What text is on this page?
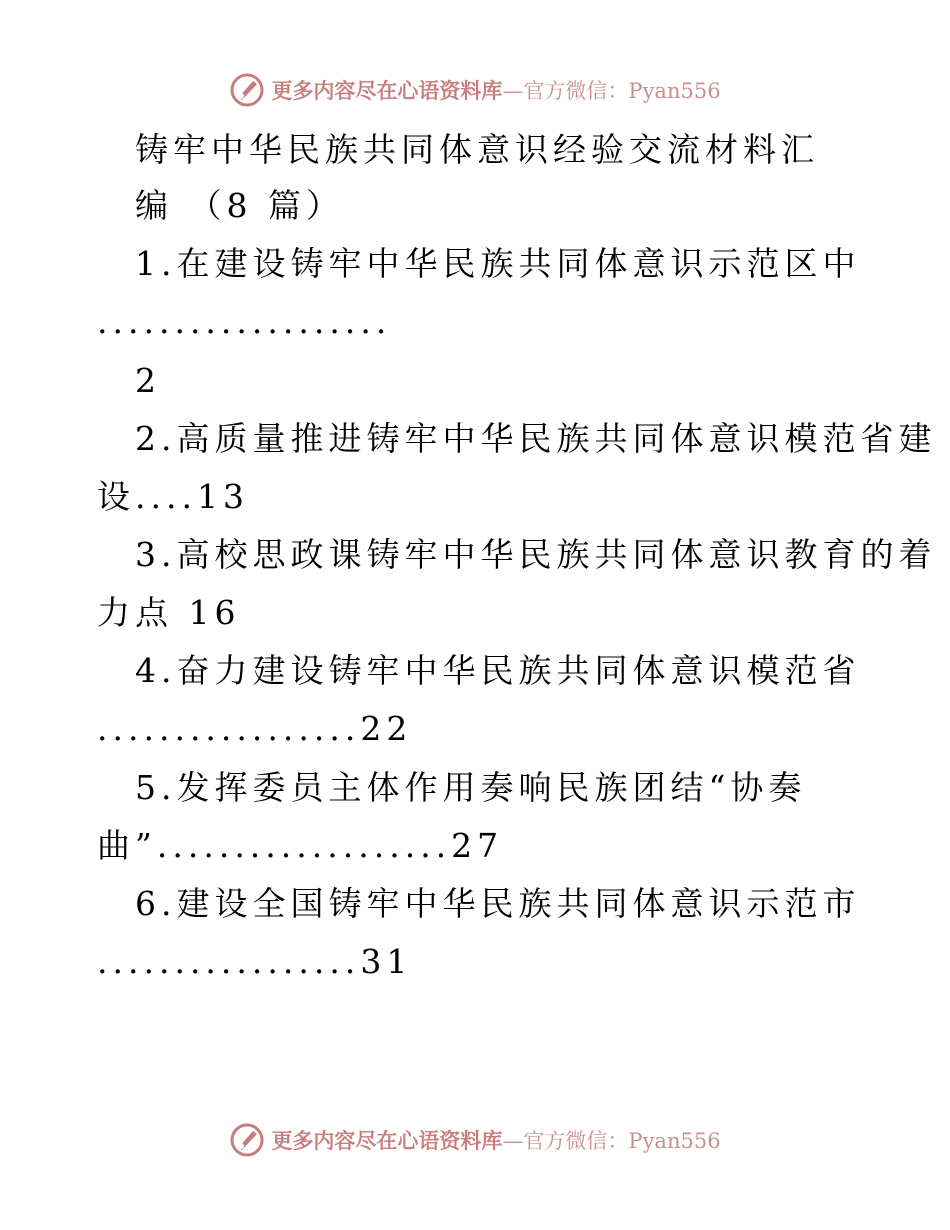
更多内容尽在心语资料库—官方微信：Pyan556
铸牢中华民族共同体意识经验交流材料汇
编 （8 篇）
1.在建设铸牢中华民族共同体意识示范区中
...................
2
2.高质量推进铸牢中华民族共同体意识模范省建
设....13
3.高校思政课铸牢中华民族共同体意识教育的着
力点 16
4.奋力建设铸牢中华民族共同体意识模范省
.................22
5.发挥委员主体作用奏响民族团结“协奏
曲”...................27
6.建设全国铸牢中华民族共同体意识示范市
.................31
更多内容尽在心语资料库—官方微信：Pyan556
